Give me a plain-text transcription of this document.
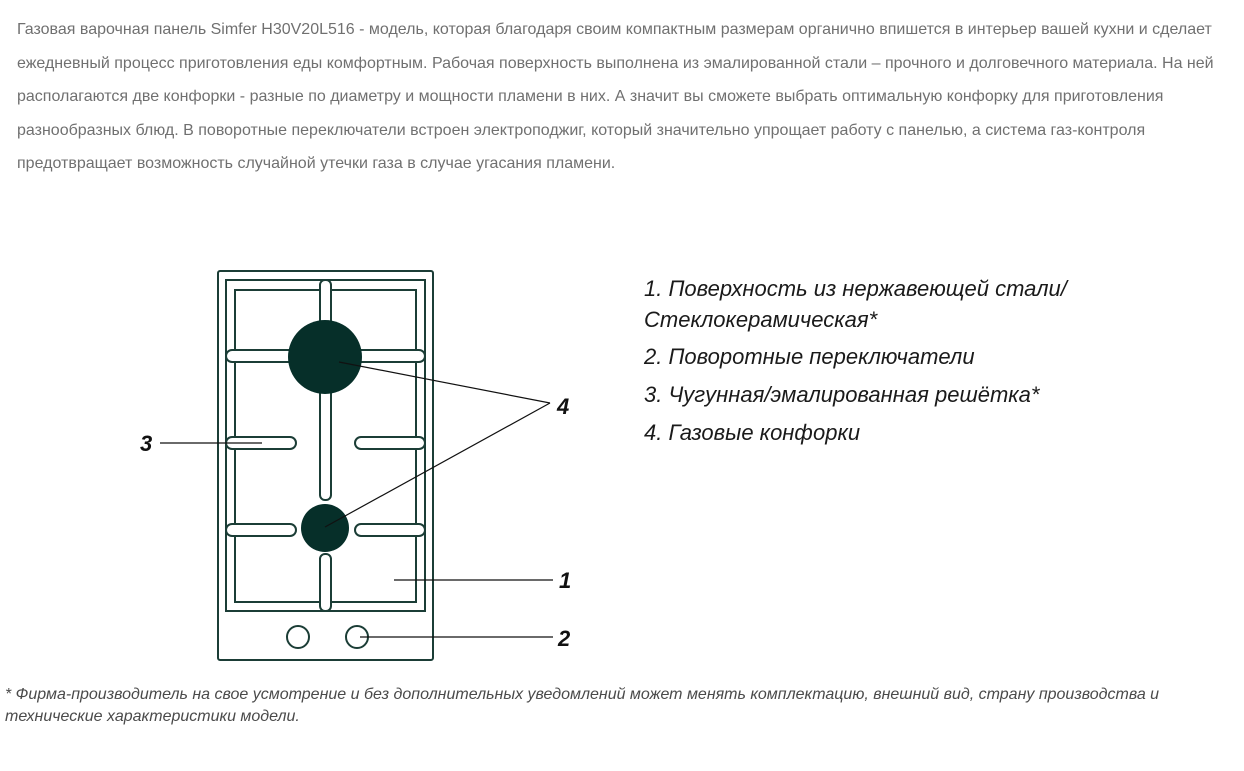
Газовая варочная панель Simfer H30V20L516 - модель, которая благодаря своим компактным размерам органично впишется в интерьер вашей кухни и сделает ежедневный процесс приготовления еды комфортным. Рабочая поверхность выполнена из эмалированной стали – прочного и долговечного материала. На ней располагаются две конфорки - разные по диаметру и мощности пламени в них. А значит вы сможете выбрать оптимальную конфорку для приготовления разнообразных блюд. В поворотные переключатели встроен электроподжиг, который значительно упрощает работу с панелью, а система газ-контроля предотвращает возможность случайной утечки газа в случае угасания пламени.

3
4
1
2

1. Поверхность из нержавеющей стали/

Стеклокерамическая*

2. Поворотные переключатели

3. Чугунная/эмалированная решётка*

4. Газовые конфорки

* Фирма-производитель на свое усмотрение и без дополнительных уведомлений может менять комплектацию, внешний вид, страну производства и технические характеристики модели.
